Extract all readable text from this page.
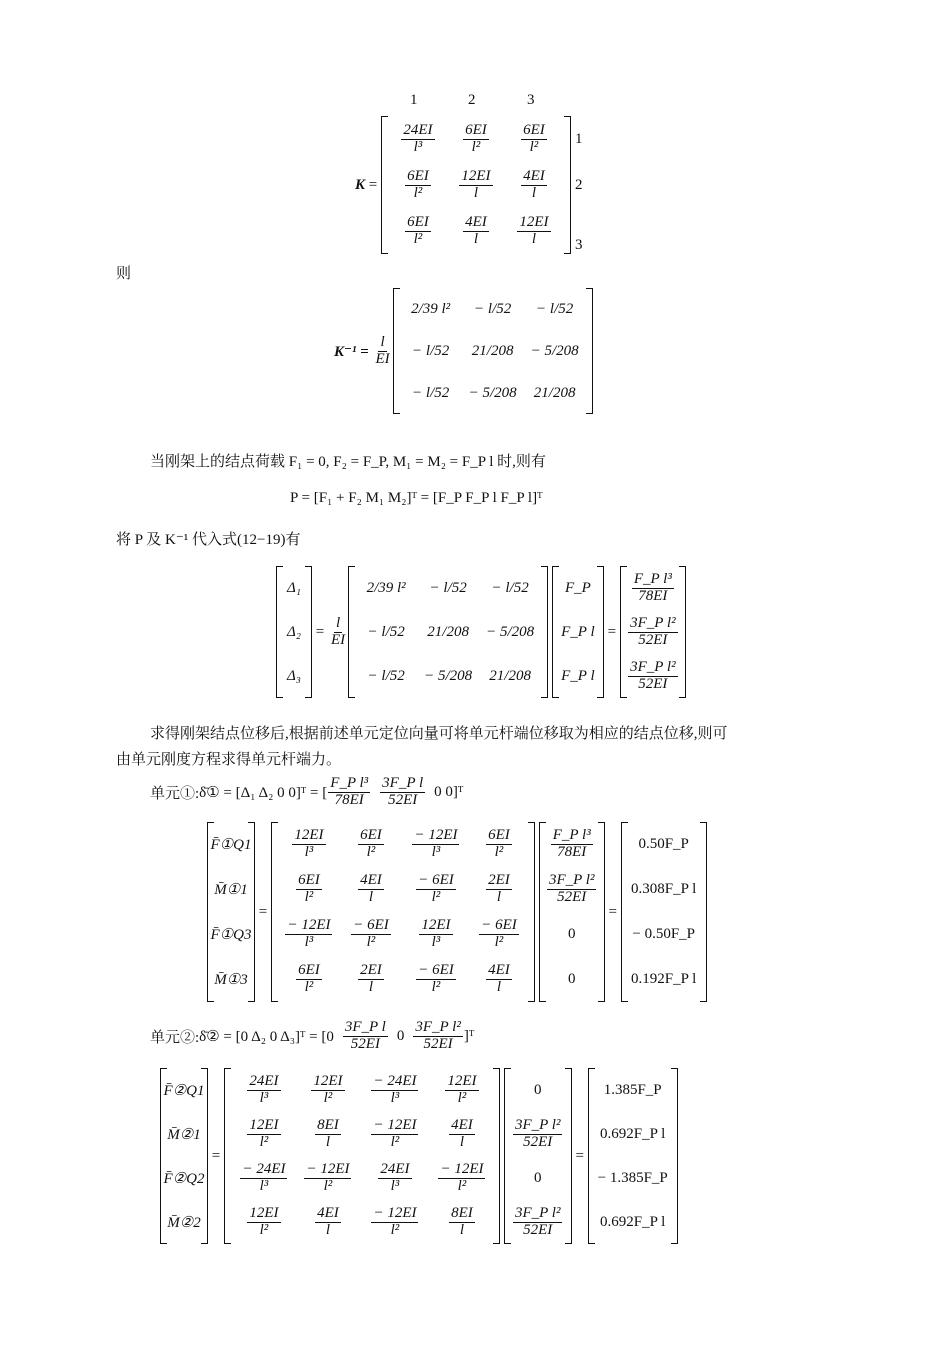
1	2	3
K =
$\frac{24EI}{\text{l³}} \frac{6EI}{\text{l²}} \frac{6EI}{\text{l²}}$
$\frac{6EI}{\text{l²}} \frac{12EI}{l} \frac{4EI}{l}$
$\frac{6EI}{\text{l²}} \frac{4EI}{l} \frac{12EI}{l}$
1
2
3
则
K⁻¹ =
$\frac{l}{EI}$
2/39 l² − l/52 − l/52
− l/52 21/208 − 5/208
− l/52 − 5/208 21/208
当刚架上的结点荷载 F₁ = 0, F₂ = F_P, M₁ = M₂ = F_P l 时,则有
P = [F₁ + F₂ M₁ M₂]ᵀ = [F_P F_P l F_P l]ᵀ
将 P 及 K⁻¹ 代入式(12−19)有
Δ₁
Δ₂
Δ₃
= $\frac{l}{EI}$
2/39 l² − l/52 − l/52
− l/52 21/208 − 5/208
− l/52 − 5/208 21/208

F_P
F_P l
F_P l
=
$\frac{\text{F\_P l³}}{78EI}$
$\frac{\text{3F\_P l²}}{52EI}$
$\frac{\text{3F\_P l²}}{52EI}$
求得刚架结点位移后,根据前述单元定位向量可将单元杆端位移取为相应的结点位移,则可
由单元刚度方程求得单元杆端力。
单元①: δ̄① = [Δ₁ Δ₂ 0 0]ᵀ = [ $\frac{\text{F\_P l³}}{78EI} \frac{\text{3F\_P l}}{52EI} 0$ 0]ᵀ
F̄①Q1
M̄①1
F̄①Q3
M̄①3
=
$\frac{12EI}{\text{l³}} \frac{6EI}{\text{l²}} \frac{- 12EI}{\text{l³}} \frac{6EI}{\text{l²}}$
$\frac{6EI}{\text{l²}} \frac{4EI}{l} \frac{- 6EI}{\text{l²}} \frac{2EI}{l}$
$\frac{- 12EI}{\text{l³}} \frac{- 6EI}{\text{l²}} \frac{12EI}{\text{l³}} \frac{- 6EI}{\text{l²}}$
$\frac{6EI}{\text{l²}} \frac{2EI}{l} \frac{- 6EI}{\text{l²}} \frac{4EI}{l}$

$\frac{\text{F\_P l³}}{78EI}$
$\frac{\text{3F\_P l²}}{52EI}$
0
0
=
0.50F_P
0.308F_P l
− 0.50F_P
0.192F_P l
单元②: δ̄② = [0 Δ₂ 0 Δ₃]ᵀ = [$0 \frac{\text{3F\_P l}}{52EI} 0 \frac{\text{3F\_P l²}}{52EI}$ ]ᵀ
F̄②Q1
M̄②1
F̄②Q2
M̄②2
=
$\frac{24EI}{\text{l³}} \frac{12EI}{\text{l²}} \frac{- 24EI}{\text{l³}} \frac{12EI}{\text{l²}}$
$\frac{12EI}{\text{l²}} \frac{8EI}{l} \frac{- 12EI}{\text{l²}} \frac{4EI}{l}$
$\frac{- 24EI}{\text{l³}} \frac{- 12EI}{\text{l²}} \frac{24EI}{\text{l³}} \frac{- 12EI}{\text{l²}}$
$\frac{12EI}{\text{l²}} \frac{4EI}{l} \frac{- 12EI}{\text{l²}} \frac{8EI}{l}$

0
$\frac{\text{3F\_P l²}}{52EI}$
0
$\frac{\text{3F\_P l²}}{52EI}$
=
1.385F_P
0.692F_P l
− 1.385F_P
0.692F_P l
